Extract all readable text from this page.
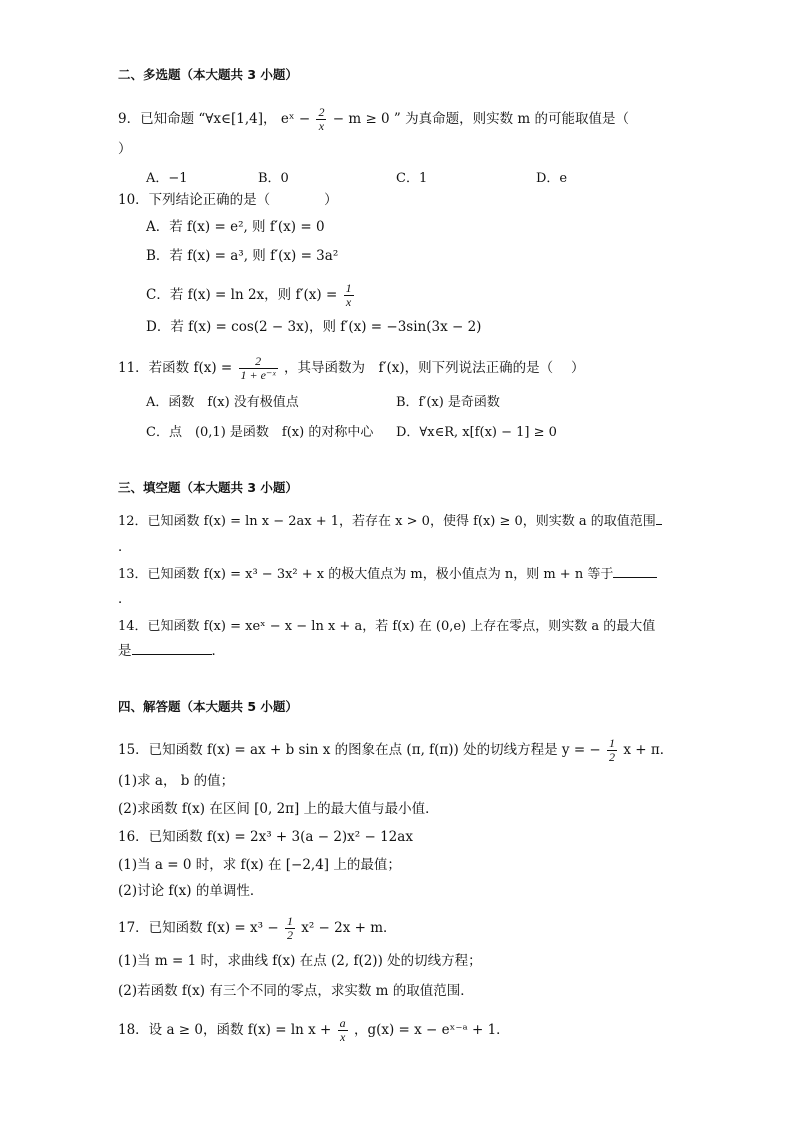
二、多选题（本大题共 3 小题）
9．已知命题 “∀x∈[1,4]， eˣ − $\frac{2}{x} - m \ge 0$ ” 为真命题，则实数 m 的可能取值是（
）
A．−1	B．0	C．1	D．e
10．下列结论正确的是（　　　　）
A．若 f(x) = e², 则 f′(x) = 0
B．若 f(x) = a³, 则 f′(x) = 3a²
C．若 f(x) = ln 2x，则 $f'(x) = \frac{1}{x}$
D．若 f(x) = cos(2 − 3x)，则 f′(x) = −3sin(3x − 2)
11．若函数 $f(x) = \frac{2}{\text{1 + e⁻ˣ}}$ ，其导函数为　f′(x)，则下列说法正确的是（　 ）
A．函数　f(x) 没有极值点	B．f′(x) 是奇函数
C．点　(0,1) 是函数　f(x) 的对称中心 D．∀x∈R, x[f(x) − 1] ≥ 0
三、填空题（本大题共 3 小题）
12．已知函数 f(x) = ln x − 2ax + 1，若存在 x > 0，使得 f(x) ≥ 0，则实数 a 的取值范围
．
13．已知函数 f(x) = x³ − 3x² + x 的极大值点为 m，极小值点为 n，则 m + n 等于
．
14．已知函数 f(x) = xeˣ − x − ln x + a，若 f(x) 在 (0,e) 上存在零点，则实数 a 的最大值
是	．
四、解答题（本大题共 5 小题）
15．已知函数 f(x) = ax + b sin x 的图象在点 (π, f(π)) 处的切线方程是 y = − $\frac{1}{2}$ x + π．
(1)求 a， b 的值；
(2)求函数 f(x) 在区间 [0, 2π] 上的最大值与最小值．
16．已知函数 f(x) = 2x³ + 3(a − 2)x² − 12ax
(1)当 a = 0 时，求 f(x) 在 [−2,4] 上的最值；
(2)讨论 f(x) 的单调性．
17．已知函数 $f(x) = x^3 - \frac{1}{2} x^2 - 2x + m$．
(1)当 m = 1 时，求曲线 f(x) 在点 (2, f(2)) 处的切线方程；
(2)若函数 f(x) 有三个不同的零点，求实数 m 的取值范围．
18．设 a ≥ 0，函数 $f(x) = \ln x + \frac{a}{x}$ ，g(x) = x − eˣ⁻ᵃ + 1．
